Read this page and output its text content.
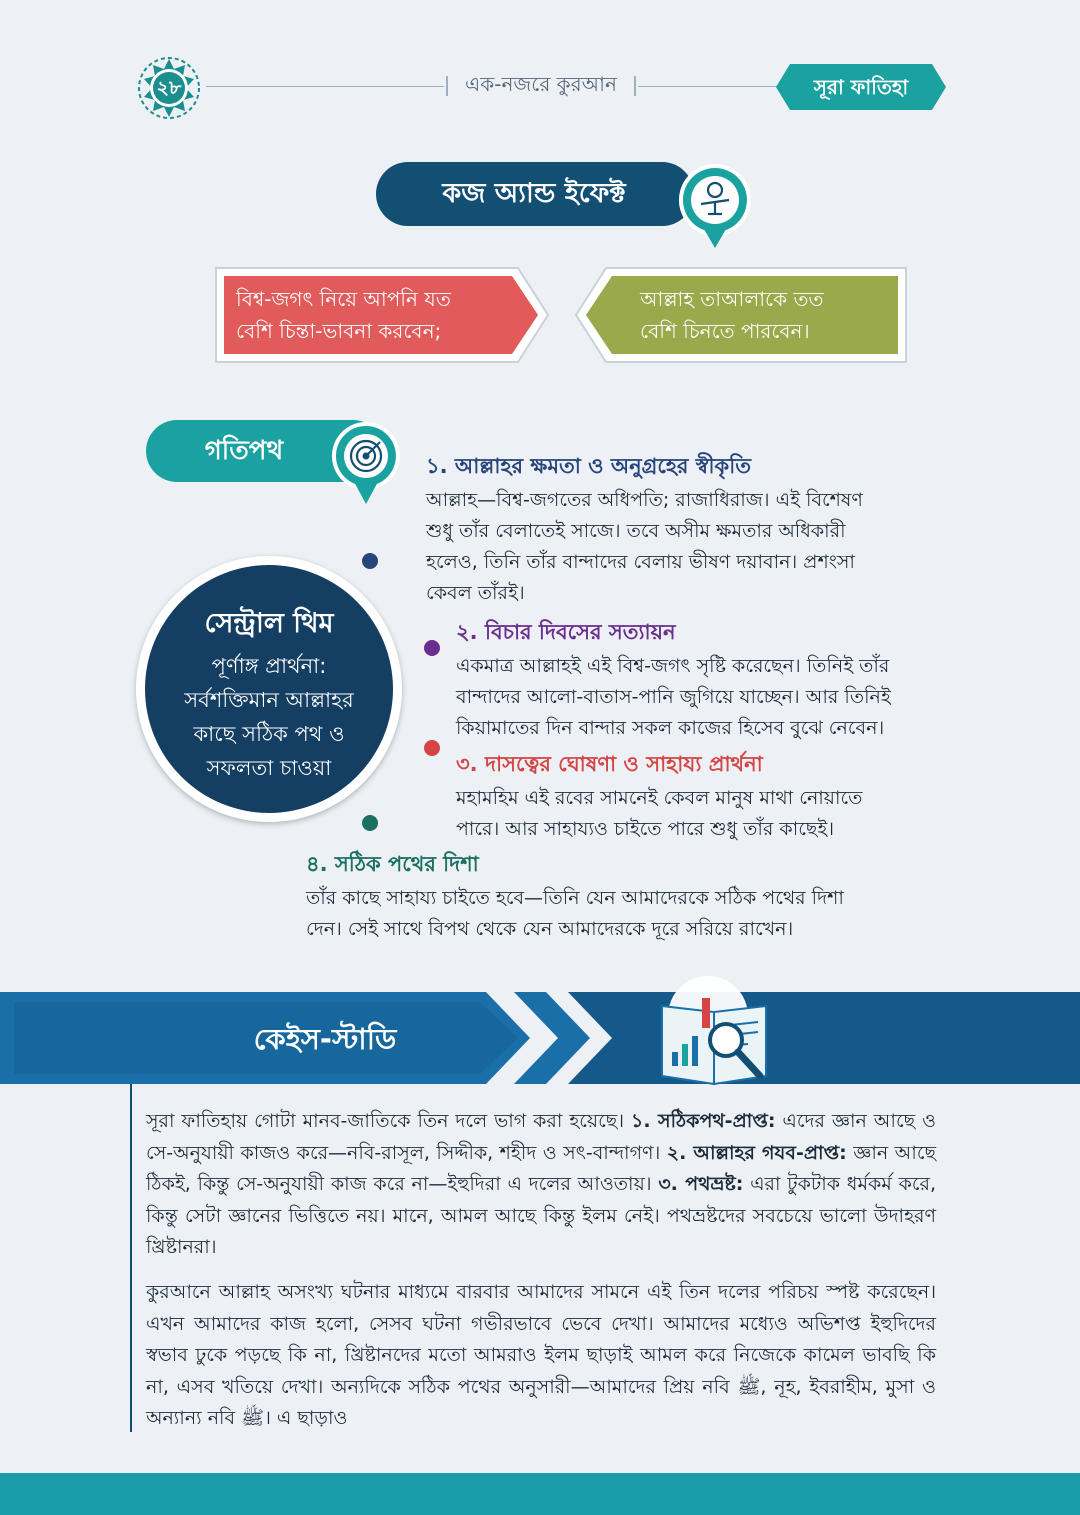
২৮	এক-নজরে কুরআন	সূরা ফাতিহা
কজ অ্যান্ড ইফেক্ট
বিশ্ব-জগৎ নিয়ে আপনি যত
বেশি চিন্তা-ভাবনা করবেন;
আল্লাহ তাআলাকে তত
বেশি চিনতে পারবেন।
গতিপথ
সেন্ট্রাল থিম
পূর্ণাঙ্গ প্রার্থনা:
সর্বশক্তিমান আল্লাহর
কাছে সঠিক পথ ও
সফলতা চাওয়া
১. আল্লাহর ক্ষমতা ও অনুগ্রহের স্বীকৃতি
আল্লাহ—বিশ্ব-জগতের অধিপতি; রাজাধিরাজ। এই বিশেষণ
শুধু তাঁর বেলাতেই সাজে। তবে অসীম ক্ষমতার অধিকারী
হলেও, তিনি তাঁর বান্দাদের বেলায় ভীষণ দয়াবান। প্রশংসা
কেবল তাঁরই।
২. বিচার দিবসের সত্যায়ন
একমাত্র আল্লাহই এই বিশ্ব-জগৎ সৃষ্টি করেছেন। তিনিই তাঁর
বান্দাদের আলো-বাতাস-পানি জুগিয়ে যাচ্ছেন। আর তিনিই
কিয়ামাতের দিন বান্দার সকল কাজের হিসেব বুঝে নেবেন।
৩. দাসত্বের ঘোষণা ও সাহায্য প্রার্থনা
মহামহিম এই রবের সামনেই কেবল মানুষ মাথা নোয়াতে
পারে। আর সাহায্যও চাইতে পারে শুধু তাঁর কাছেই।
৪. সঠিক পথের দিশা
তাঁর কাছে সাহায্য চাইতে হবে—তিনি যেন আমাদেরকে সঠিক পথের দিশা
দেন। সেই সাথে বিপথ থেকে যেন আমাদেরকে দূরে সরিয়ে রাখেন।
কেইস-স্টাডি
সূরা ফাতিহায় গোটা মানব-জাতিকে তিন দলে ভাগ করা হয়েছে। ১. সঠিকপথ-প্রাপ্ত: এদের জ্ঞান আছে ও সে-অনুযায়ী কাজও করে—নবি-রাসূল, সিদ্দীক, শহীদ ও সৎ-বান্দাগণ। ২. আল্লাহর গযব-প্রাপ্ত: জ্ঞান আছে ঠিকই, কিন্তু সে-অনুযায়ী কাজ করে না—ইহুদিরা এ দলের আওতায়। ৩. পথভ্রষ্ট: এরা টুকটাক ধর্মকর্ম করে, কিন্তু সেটা জ্ঞানের ভিত্তিতে নয়। মানে, আমল আছে কিন্তু ইলম নেই। পথভ্রষ্টদের সবচেয়ে ভালো উদাহরণ খ্রিষ্টানরা।
কুরআনে আল্লাহ অসংখ্য ঘটনার মাধ্যমে বারবার আমাদের সামনে এই তিন দলের পরিচয় স্পষ্ট করেছেন। এখন আমাদের কাজ হলো, সেসব ঘটনা গভীরভাবে ভেবে দেখা। আমাদের মধ্যেও অভিশপ্ত ইহুদিদের স্বভাব ঢুকে পড়ছে কি না, খ্রিষ্টানদের মতো আমরাও ইলম ছাড়াই আমল করে নিজেকে কামেল ভাবছি কি না, এসব খতিয়ে দেখা। অন্যদিকে সঠিক পথের অনুসারী—আমাদের প্রিয় নবি ﷺ, নূহ, ইবরাহীম, মুসা ও অন্যান্য নবি ﷺ। এ ছাড়াও
